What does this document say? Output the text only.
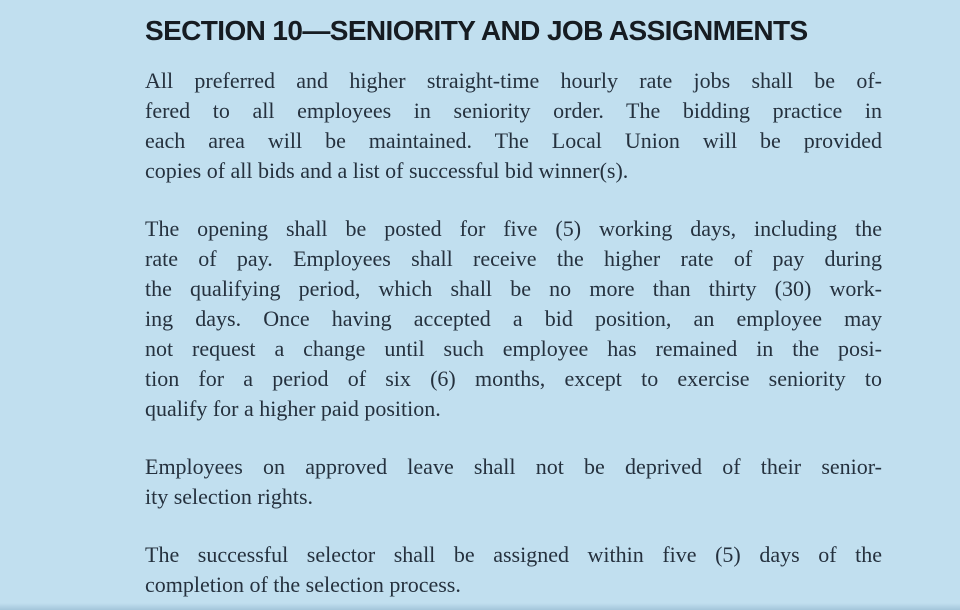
SECTION 10—SENIORITY AND JOB ASSIGNMENTS
All preferred and higher straight-time hourly rate jobs shall be of-
fered to all employees in seniority order. The bidding practice in
each area will be maintained. The Local Union will be provided
copies of all bids and a list of successful bid winner(s).
The opening shall be posted for five (5) working days, including the
rate of pay. Employees shall receive the higher rate of pay during
the qualifying period, which shall be no more than thirty (30) work-
ing days. Once having accepted a bid position, an employee may
not request a change until such employee has remained in the posi-
tion for a period of six (6) months, except to exercise seniority to
qualify for a higher paid position.
Employees on approved leave shall not be deprived of their senior-
ity selection rights.
The successful selector shall be assigned within five (5) days of the
completion of the selection process.
